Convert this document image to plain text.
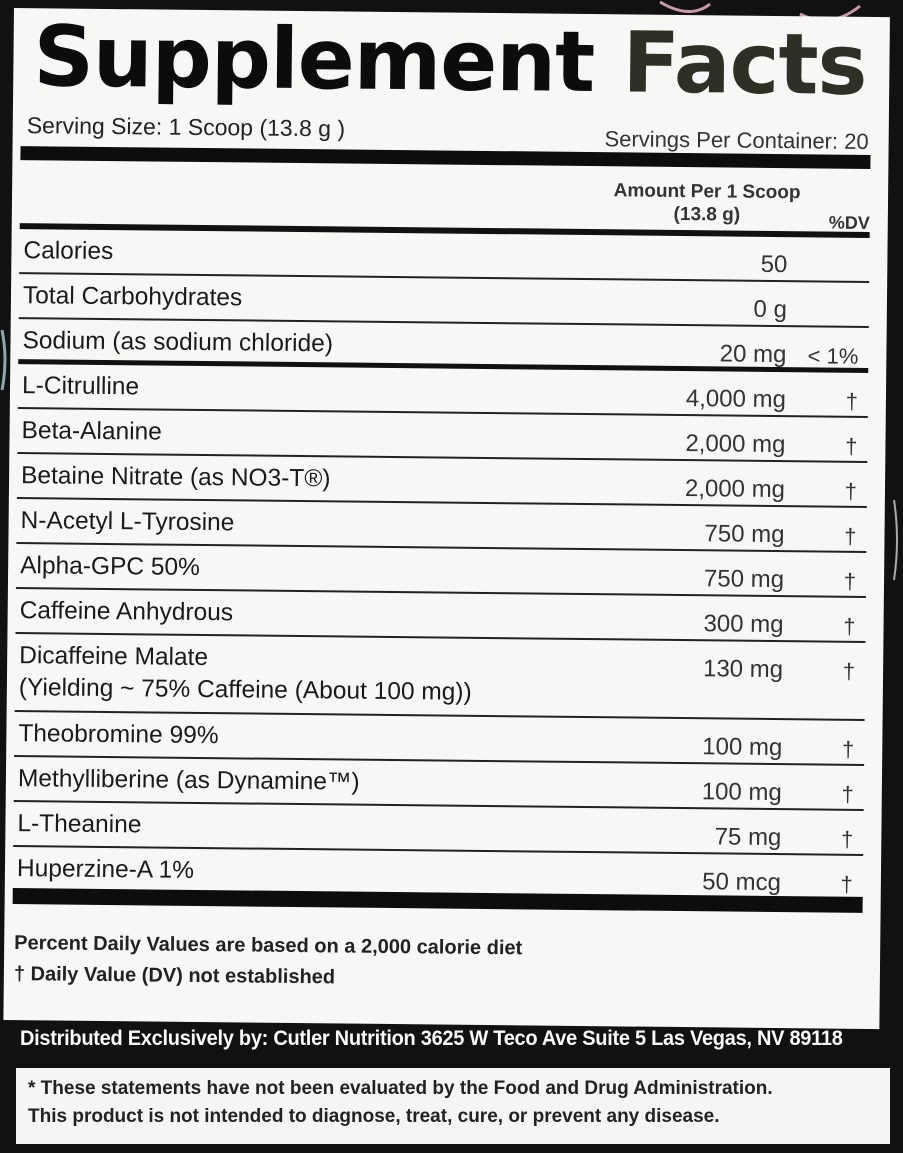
Supplement Facts
Serving Size: 1 Scoop (13.8 g )	Servings Per Container: 20
Amount Per 1 Scoop (13.8 g)	%DV
Calories	50
Total Carbohydrates	0 g
Sodium (as sodium chloride)	20 mg < 1%
L-Citrulline	4,000 mg	†
Beta-Alanine	2,000 mg	†
Betaine Nitrate (as NO3-T®)	2,000 mg	†
N-Acetyl L-Tyrosine	750 mg	†
Alpha-GPC 50%	750 mg	†
Caffeine Anhydrous	300 mg	†
Dicaffeine Malate
(Yielding ~ 75% Caffeine (About 100 mg))
130 mg	†
Theobromine 99%	100 mg	†
Methylliberine (as Dynamine™)	100 mg	†
L-Theanine	75 mg	†
Huperzine-A 1%	50 mcg	†
Percent Daily Values are based on a 2,000 calorie diet
† Daily Value (DV) not established
Distributed Exclusively by: Cutler Nutrition 3625 W Teco Ave Suite 5 Las Vegas, NV 89118
* These statements have not been evaluated by the Food and Drug Administration.
This product is not intended to diagnose, treat, cure, or prevent any disease.
